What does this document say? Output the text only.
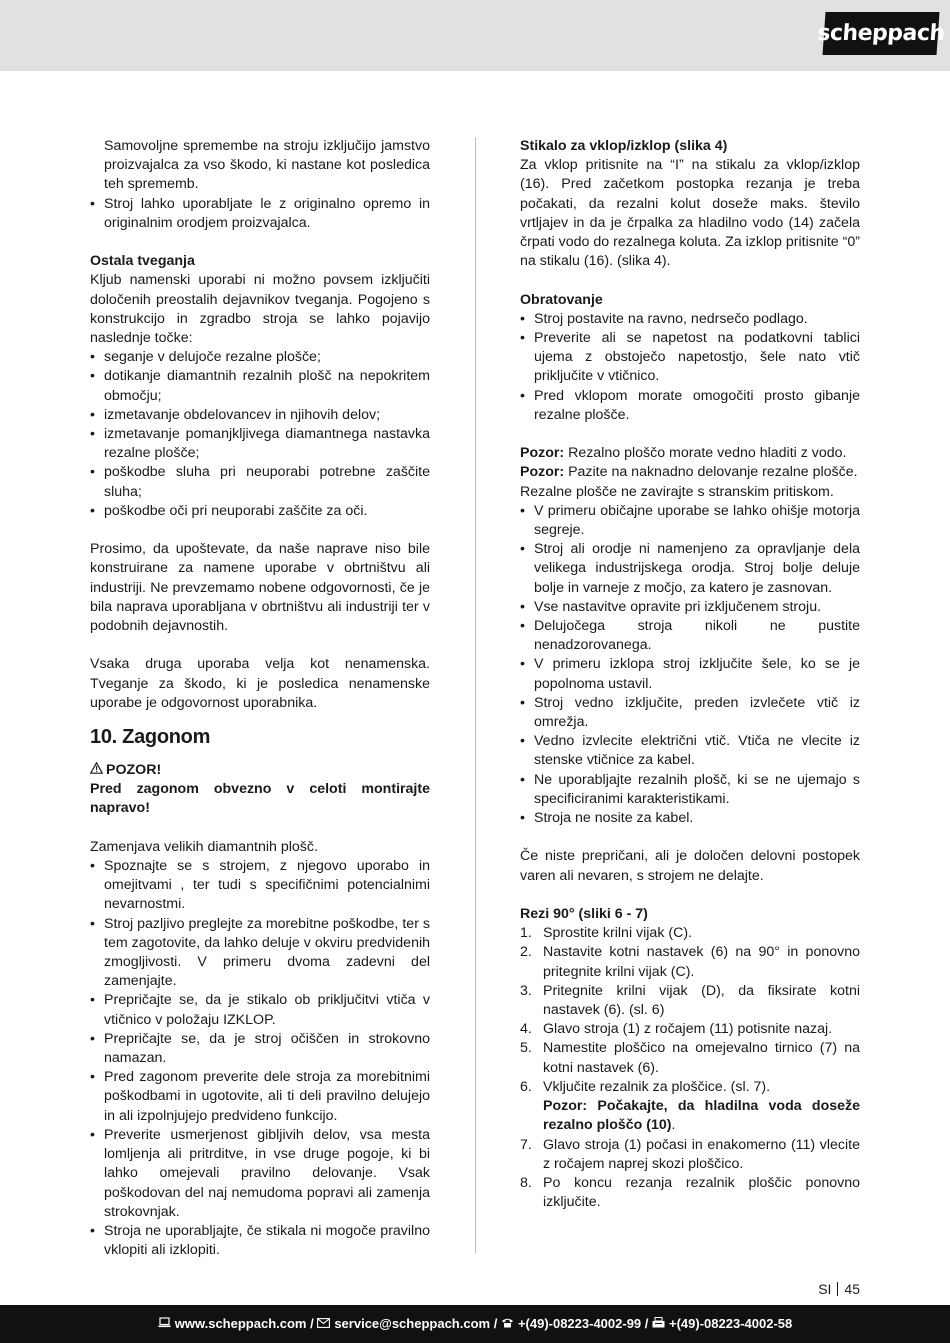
scheppach

Samovoljne spremembe na stroju izključijo jamstvo proizvajalca za vso škodo, ki nastane kot posledica teh sprememb.

• Stroj lahko uporabljate le z originalno opremo in originalnim orodjem proizvajalca.

Ostala tveganja

Kljub namenski uporabi ni možno povsem izključiti določenih preostalih dejavnikov tveganja. Pogojeno s konstrukcijo in zgradbo stroja se lahko pojavijo naslednje točke:

• seganje v delujoče rezalne plošče;
• dotikanje diamantnih rezalnih plošč na nepokritem območju;
• izmetavanje obdelovancev in njihovih delov;
• izmetavanje pomanjkljivega diamantnega nastavka rezalne plošče;
• poškodbe sluha pri neuporabi potrebne zaščite sluha;
• poškodbe oči pri neuporabi zaščite za oči.

Prosimo, da upoštevate, da naše naprave niso bile konstruirane za namene uporabe v obrtništvu ali industriji. Ne prevzemamo nobene odgovornosti, če je bila naprava uporabljana v obrtništvu ali industriji ter v podobnih dejavnostih.

Vsaka druga uporaba velja kot nenamenska. Tveganje za škodo, ki je posledica nenamenske uporabe je odgovornost uporabnika.

10. Zagonom

POZOR!

Pred zagonom obvezno v celoti montirajte napravo!

Zamenjava velikih diamantnih plošč.

• Spoznajte se s strojem, z njegovo uporabo in omejitvami , ter tudi s specifičnimi potencialnimi nevarnostmi.
• Stroj pazljivo preglejte za morebitne poškodbe, ter s tem zagotovite, da lahko deluje v okviru predvidenih zmogljivosti. V primeru dvoma zadevni del zamenjajte.
• Prepričajte se, da je stikalo ob priključitvi vtiča v vtičnico v položaju IZKLOP.
• Prepričajte se, da je stroj očiščen in strokovno namazan.
• Pred zagonom preverite dele stroja za morebitnimi poškodbami in ugotovite, ali ti deli pravilno delujejo in ali izpolnjujejo predvideno funkcijo.
• Preverite usmerjenost gibljivih delov, vsa mesta lomljenja ali pritrditve, in vse druge pogoje, ki bi lahko omejevali pravilno delovanje. Vsak poškodovan del naj nemudoma popravi ali zamenja strokovnjak.
• Stroja ne uporabljajte, če stikala ni mogoče pravilno vklopiti ali izklopiti.

Stikalo za vklop/izklop (slika 4)

Za vklop pritisnite na “I” na stikalu za vklop/izklop (16). Pred začetkom postopka rezanja je treba počakati, da rezalni kolut doseže maks. število vrtljajev in da je črpalka za hladilno vodo (14) začela črpati vodo do rezalnega koluta. Za izklop pritisnite “0” na stikalu (16). (slika 4).

Obratovanje

• Stroj postavite na ravno, nedrsečo podlago.
• Preverite ali se napetost na podatkovni tablici ujema z obstoječo napetostjo, šele nato vtič priključite v vtičnico.
• Pred vklopom morate omogočiti prosto gibanje rezalne plošče.

Pozor: Rezalno ploščo morate vedno hladiti z vodo.

Pozor: Pazite na naknadno delovanje rezalne plošče.

Rezalne plošče ne zavirajte s stranskim pritiskom.

• V primeru običajne uporabe se lahko ohišje motorja segreje.
• Stroj ali orodje ni namenjeno za opravljanje dela velikega industrijskega orodja. Stroj bolje deluje bolje in varneje z močjo, za katero je zasnovan.
• Vse nastavitve opravite pri izključenem stroju.
• Delujočega stroja nikoli ne pustite nenadzorovanega.
• V primeru izklopa stroj izključite šele, ko se je popolnoma ustavil.
• Stroj vedno izključite, preden izvlečete vtič iz omrežja.
• Vedno izvlecite električni vtič. Vtiča ne vlecite iz stenske vtičnice za kabel.
• Ne uporabljajte rezalnih plošč, ki se ne ujemajo s specificiranimi karakteristikami.
• Stroja ne nosite za kabel.

Če niste prepričani, ali je določen delovni postopek varen ali nevaren, s strojem ne delajte.

Rezi 90° (sliki 6 - 7)

1. Sprostite krilni vijak (C).
2. Nastavite kotni nastavek (6) na 90° in ponovno pritegnite krilni vijak (C).
3. Pritegnite krilni vijak (D), da fiksirate kotni nastavek (6). (sl. 6)
4. Glavo stroja (1) z ročajem (11) potisnite nazaj.
5. Namestite ploščico na omejevalno tirnico (7) na kotni nastavek (6).
6. Vključite rezalnik za ploščice. (sl. 7).
Pozor: Počakajte, da hladilna voda doseže rezalno ploščo (10).
7. Glavo stroja (1) počasi in enakomerno (11) vlecite z ročajem naprej skozi ploščico.
8. Po koncu rezanja rezalnik ploščic ponovno izključite.
SI 45
www.scheppach.com /
service@scheppach.com /
+(49)-08223-4002-99 /
+(49)-08223-4002-58
